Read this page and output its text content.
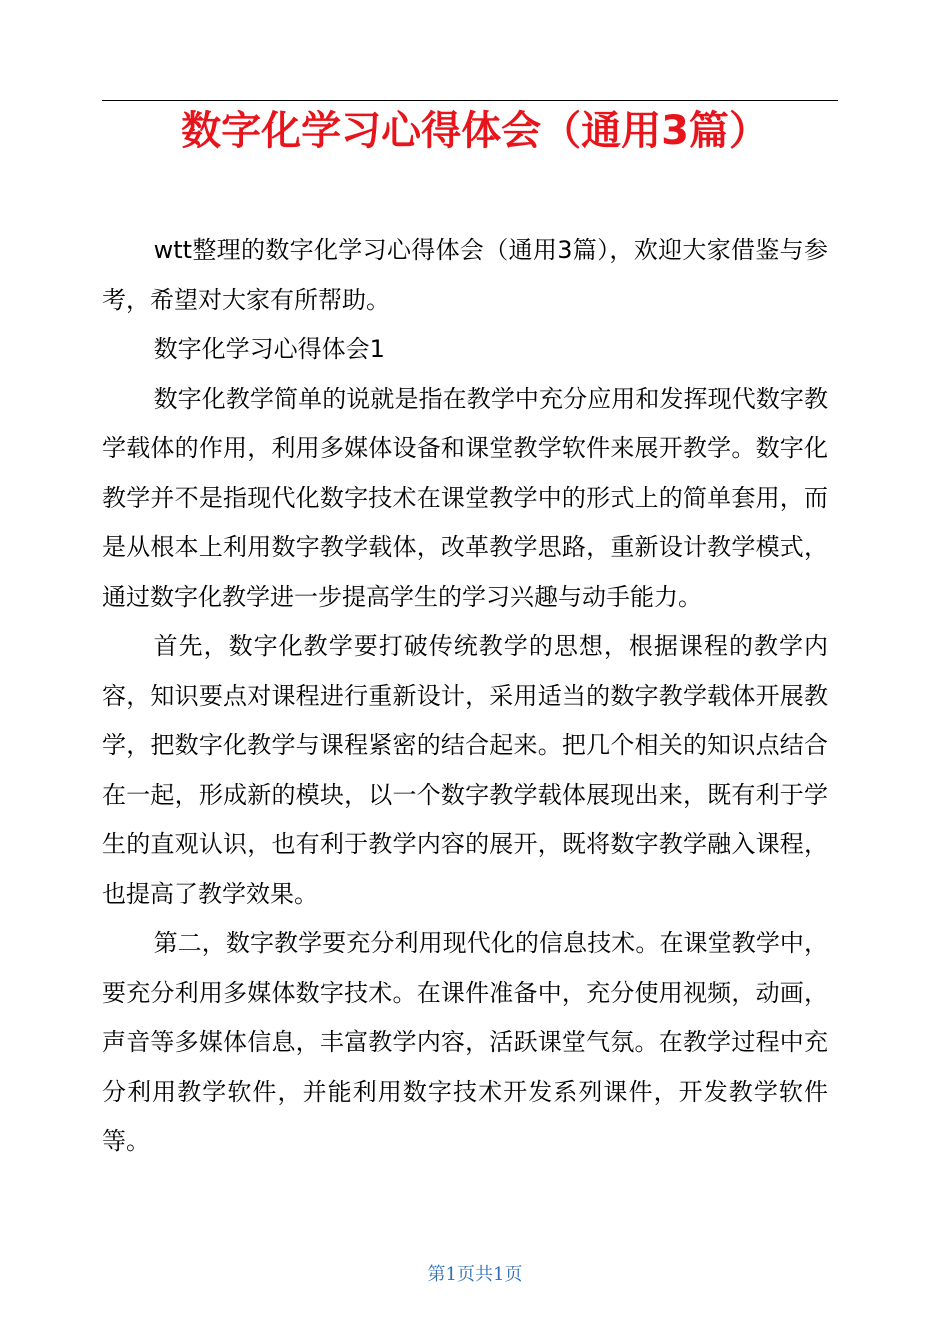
数字化学习心得体会（通用3篇）

wtt整理的数字化学习心得体会（通用3篇），欢迎大家借鉴与参考，希望对大家有所帮助。

数字化学习心得体会1

数字化教学简单的说就是指在教学中充分应用和发挥现代数字教学载体的作用，利用多媒体设备和课堂教学软件来展开教学。数字化教学并不是指现代化数字技术在课堂教学中的形式上的简单套用，而是从根本上利用数字教学载体，改革教学思路，重新设计教学模式，通过数字化教学进一步提高学生的学习兴趣与动手能力。

首先，数字化教学要打破传统教学的思想，根据课程的教学内容，知识要点对课程进行重新设计，采用适当的数字教学载体开展教学，把数字化教学与课程紧密的结合起来。把几个相关的知识点结合在一起，形成新的模块，以一个数字教学载体展现出来，既有利于学生的直观认识，也有利于教学内容的展开，既将数字教学融入课程，也提高了教学效果。

第二，数字教学要充分利用现代化的信息技术。在课堂教学中，要充分利用多媒体数字技术。在课件准备中，充分使用视频，动画，声音等多媒体信息，丰富教学内容，活跃课堂气氛。在教学过程中充分利用教学软件，并能利用数字技术开发系列课件，开发教学软件等。

第1页共1页
